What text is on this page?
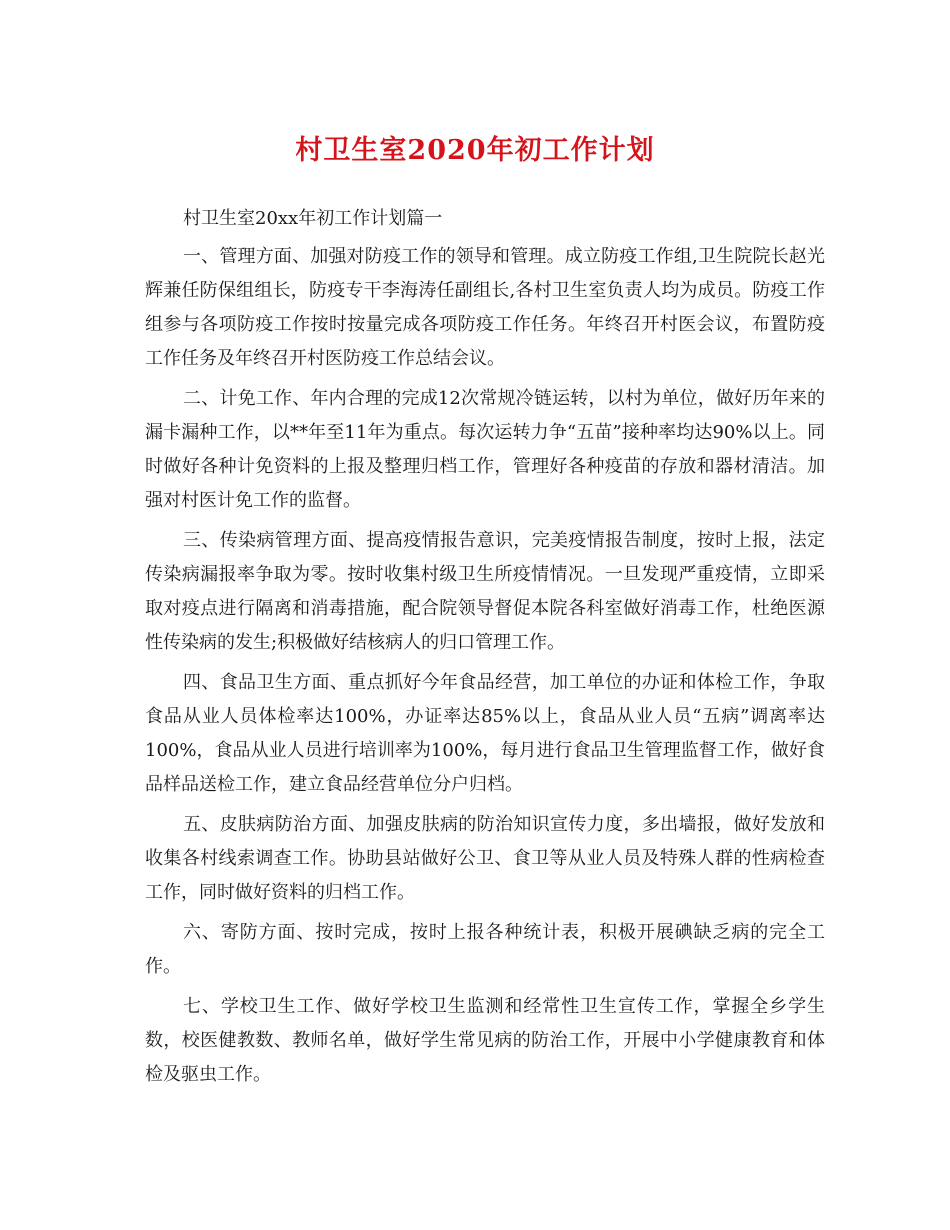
村卫生室2020年初工作计划

村卫生室20xx年初工作计划篇一

一、管理方面、加强对防疫工作的领导和管理。成立防疫工作组,卫生院院长赵光辉兼任防保组组长，防疫专干李海涛任副组长,各村卫生室负责人均为成员。防疫工作组参与各项防疫工作按时按量完成各项防疫工作任务。年终召开村医会议，布置防疫工作任务及年终召开村医防疫工作总结会议。

二、计免工作、年内合理的完成12次常规冷链运转，以村为单位，做好历年来的漏卡漏种工作，以**年至11年为重点。每次运转力争“五苗”接种率均达90%以上。同时做好各种计免资料的上报及整理归档工作，管理好各种疫苗的存放和器材清洁。加强对村医计免工作的监督。

三、传染病管理方面、提高疫情报告意识，完美疫情报告制度，按时上报，法定传染病漏报率争取为零。按时收集村级卫生所疫情情况。一旦发现严重疫情，立即采取对疫点进行隔离和消毒措施，配合院领导督促本院各科室做好消毒工作，杜绝医源性传染病的发生;积极做好结核病人的归口管理工作。

四、食品卫生方面、重点抓好今年食品经营，加工单位的办证和体检工作，争取食品从业人员体检率达100%，办证率达85%以上，食品从业人员“五病”调离率达100%，食品从业人员进行培训率为100%，每月进行食品卫生管理监督工作，做好食品样品送检工作，建立食品经营单位分户归档。

五、皮肤病防治方面、加强皮肤病的防治知识宣传力度，多出墙报，做好发放和收集各村线索调查工作。协助县站做好公卫、食卫等从业人员及特殊人群的性病检查工作，同时做好资料的归档工作。

六、寄防方面、按时完成，按时上报各种统计表，积极开展碘缺乏病的完全工作。

七、学校卫生工作、做好学校卫生监测和经常性卫生宣传工作，掌握全乡学生数，校医健教数、教师名单，做好学生常见病的防治工作，开展中小学健康教育和体检及驱虫工作。
